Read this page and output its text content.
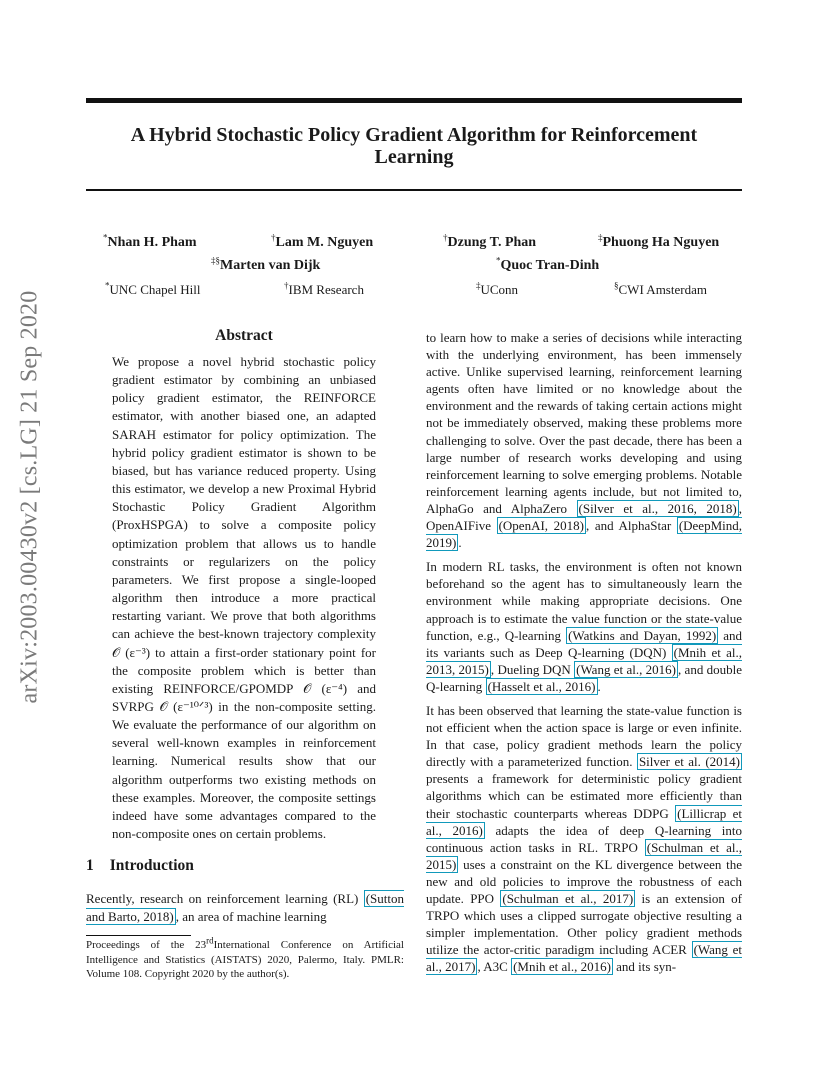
arXiv:2003.00430v2 [cs.LG] 21 Sep 2020
A Hybrid Stochastic Policy Gradient Algorithm for Reinforcement
Learning
*Nhan H. Pham	†Lam M. Nguyen	†Dzung T. Phan	‡Phuong Ha Nguyen
‡§Marten van Dijk	*Quoc Tran-Dinh
*UNC Chapel Hill	†IBM Research	‡UConn	§CWI Amsterdam
Abstract
We propose a novel hybrid stochastic policy gradient estimator by combining an unbiased policy gradient estimator, the REINFORCE estimator, with another biased one, an adapted SARAH estimator for policy optimization. The hybrid policy gradient estimator is shown to be biased, but has variance reduced property. Using this estimator, we develop a new Proximal Hybrid Stochastic Policy Gradient Algorithm (ProxHSPGA) to solve a composite policy optimization problem that allows us to handle constraints or regularizers on the policy parameters. We first propose a single-looped algorithm then introduce a more practical restarting variant. We prove that both algorithms can achieve the best-known trajectory complexity 𝒪 (ε⁻³) to attain a first-order stationary point for the composite problem which is better than existing REINFORCE/GPOMDP 𝒪 (ε⁻⁴) and SVRPG 𝒪 (ε⁻¹⁰ᐟ³) in the non-composite setting. We evaluate the performance of our algorithm on several well-known examples in reinforcement learning. Numerical results show that our algorithm outperforms two existing methods on these examples. Moreover, the composite settings indeed have some advantages compared to the non-composite ones on certain problems.
1 Introduction
Recently, research on reinforcement learning (RL) (Sutton and Barto, 2018) , an area of machine learning
Proceedings of the 23rdInternational Conference on Artificial Intelligence and Statistics (AISTATS) 2020, Palermo, Italy. PMLR: Volume 108. Copyright 2020 by the author(s).

to learn how to make a series of decisions while interacting with the underlying environment, has been immensely active. Unlike supervised learning, reinforcement learning agents often have limited or no knowledge about the environment and the rewards of taking certain actions might not be immediately observed, making these problems more challenging to solve. Over the past decade, there has been a large number of research works developing and using reinforcement learning to solve emerging problems. Notable reinforcement learning agents include, but not limited to, AlphaGo and AlphaZero (Silver et al., 2016, 2018) , OpenAIFive (OpenAI, 2018) , and AlphaStar (DeepMind, 2019) .

In modern RL tasks, the environment is often not known beforehand so the agent has to simultaneously learn the environment while making appropriate decisions. One approach is to estimate the value function or the state-value function, e.g., Q-learning (Watkins and Dayan, 1992) and its variants such as Deep Q-learning (DQN) (Mnih et al., 2013, 2015) , Dueling DQN (Wang et al., 2016) , and double Q-learning (Hasselt et al., 2016) .

It has been observed that learning the state-value function is not efficient when the action space is large or even infinite. In that case, policy gradient methods learn the policy directly with a parameterized function. Silver et al. (2014) presents a framework for deterministic policy gradient algorithms which can be estimated more efficiently than their stochastic counterparts whereas DDPG (Lillicrap et al., 2016) adapts the idea of deep Q-learning into continuous action tasks in RL. TRPO (Schulman et al., 2015) uses a constraint on the KL divergence between the new and old policies to improve the robustness of each update. PPO (Schulman et al., 2017) is an extension of TRPO which uses a clipped surrogate objective resulting a simpler implementation. Other policy gradient methods utilize the actor-critic paradigm including ACER (Wang et al., 2017) , A3C (Mnih et al., 2016) and its syn-
